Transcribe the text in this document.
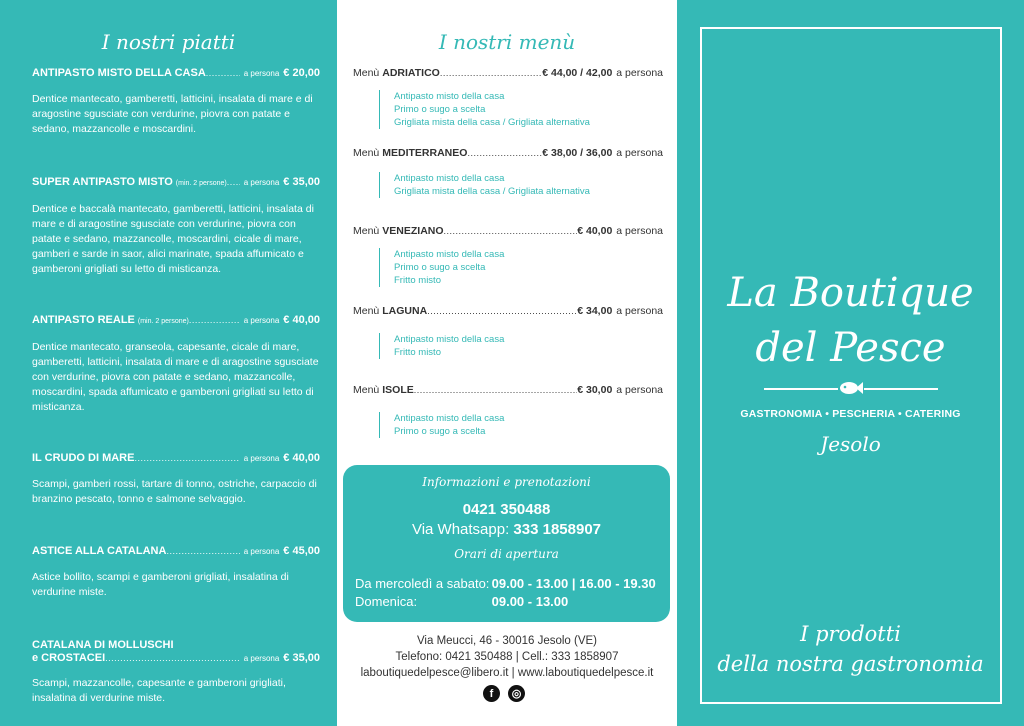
I nostri piatti
ANTIPASTO MISTO DELLA CASA .....	a persona € 20,00
Dentice mantecato, gamberetti, latticini, insalata di mare e di aragostine sgusciate con verdurine, piovra con patate e sedano, mazzancolle e moscardini.
SUPER ANTIPASTO MISTO (min. 2 persone) ..... a persona € 35,00
Dentice e baccalà mantecato, gamberetti, latticini, insalata di mare e di aragostine sgusciate con verdurine, piovra con patate e sedano, mazzancolle, moscardini, cicale di mare, gamberi e sarde in saor, alici marinate, spada affumicato e gamberoni grigliati su letto di misticanza.
ANTIPASTO REALE (min. 2 persone) .....	a persona € 40,00
Dentice mantecato, granseola, capesante, cicale di mare, gamberetti, latticini, insalata di mare e di aragostine sgusciate con verdurine, piovra con patate e sedano, mazzancolle, moscardini, spada affumicato e gamberoni grigliati su letto di misticanza.
IL CRUDO DI MARE .....	a persona € 40,00
Scampi, gamberi rossi, tartare di tonno, ostriche, carpaccio di branzino pescato, tonno e salmone selvaggio.
ASTICE ALLA CATALANA .....	a persona € 45,00
Astice bollito, scampi e gamberoni grigliati, insalatina di verdurine miste.
CATALANA DI MOLLUSCHI
e CROSTACEI .....	a persona € 35,00
Scampi, mazzancolle, capesante e gamberoni grigliati, insalatina di verdurine miste.
I nostri menù
Menù ADRIATICO .....	€ 44,00 / 42,00 a persona
Antipasto misto della casa
Primo o sugo a scelta
Grigliata mista della casa / Grigliata alternativa
Menù MEDITERRANEO .....	€ 38,00 / 36,00 a persona
Antipasto misto della casa
Grigliata mista della casa / Grigliata alternativa
Menù VENEZIANO .....	€ 40,00 a persona
Antipasto misto della casa
Primo o sugo a scelta
Fritto misto
Menù LAGUNA .....	€ 34,00 a persona
Antipasto misto della casa
Fritto misto
Menù ISOLE .....	€ 30,00 a persona
Antipasto misto della casa
Primo o sugo a scelta
Informazioni e prenotazioni
0421 350488
Via Whatsapp: 333 1858907
Orari di apertura
Da mercoledì a sabato: 09.00 - 13.00 | 16.00 - 19.30
Domenica:	09.00 - 13.00
Via Meucci, 46 - 30016 Jesolo (VE)
Telefono: 0421 350488 | Cell.: 333 1858907
laboutiquedelpesce@libero.it | www.laboutiquedelpesce.it
f	◎
La Boutique
del Pesce
GASTRONOMIA • PESCHERIA • CATERING
Jesolo
I prodotti
della nostra gastronomia
